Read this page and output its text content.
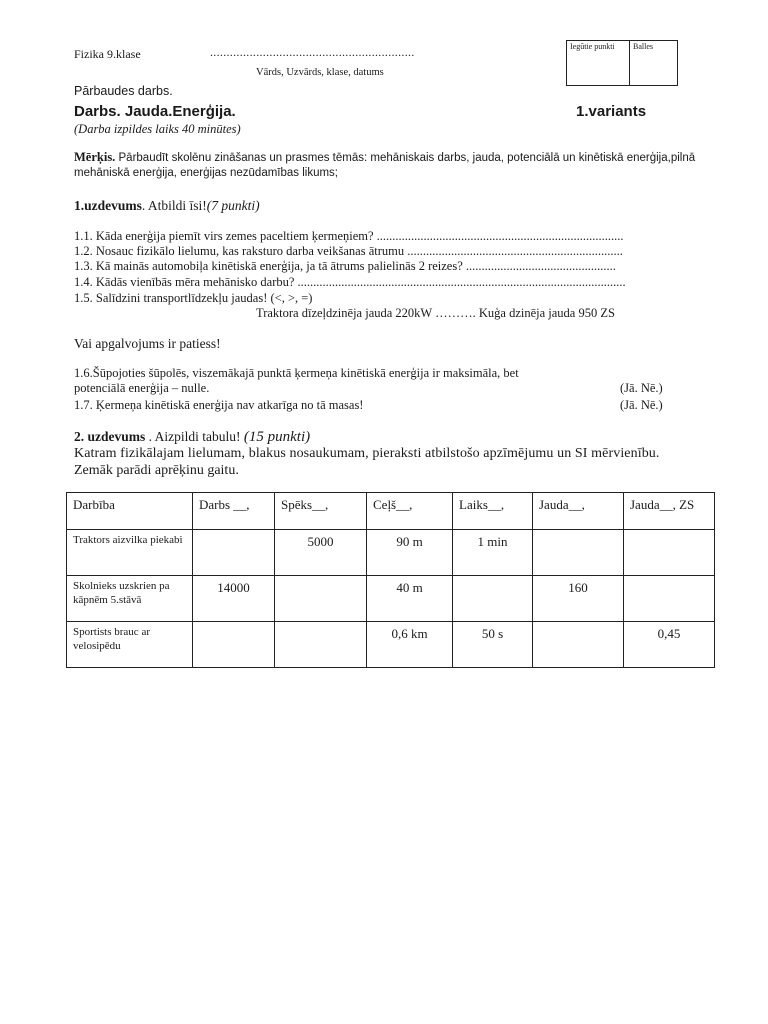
Fizika 9.klase	..............................................................
Vārds, Uzvārds, klase, datums
Iegūtie punkti	Balles
Pārbaudes darbs.
Darbs. Jauda.Enerģija.	1.variants
(Darba izpildes laiks 40 minūtes)
Mērķis. Pārbaudīt skolēnu zināšanas un prasmes tēmās: mehāniskais darbs, jauda, potenciālā un kinētiskā enerģija,pilnā
mehāniskā enerģija, enerģijas nezūdamības likums;
1.uzdevums. Atbildi īsi!(7 punkti)
1.1. Kāda enerģija piemīt virs zemes paceltiem ķermeņiem? ...............................................................................
1.2. Nosauc fizikālo lielumu, kas raksturo darba veikšanas ātrumu .....................................................................
1.3. Kā mainās automobiļa kinētiskā enerģija, ja tā ātrums palielinās 2 reizes? ................................................
1.4. Kādās vienībās mēra mehānisko darbu? .........................................................................................................
1.5. Salīdzini transportlīdzekļu jaudas! (<, >, =)
Traktora dīzeļdzinēja jauda 220kW ………. Kuģa dzinēja jauda 950 ZS
Vai apgalvojums ir patiess!
1.6.Šūpojoties šūpolēs, viszemākajā punktā ķermeņa kinētiskā enerģija ir maksimāla, bet
potenciālā enerģija – nulle.	(Jā. Nē.)
1.7. Ķermeņa kinētiskā enerģija nav atkarīga no tā masas!	(Jā. Nē.)
2. uzdevums . Aizpildi tabulu! (15 punkti)
Katram fizikālajam lielumam, blakus nosaukumam, pieraksti atbilstošo apzīmējumu un SI mērvienību.
Zemāk parādi aprēķinu gaitu.
Darbība	Darbs __,	Spēks__,	Ceļš__,	Laiks__,	Jauda__,	Jauda__, ZS
Traktors aizvilka piekabi		5000	90 m	1 min		
Skolnieks uzskrien pa kāpnēm 5.stāvā	14000		40 m		160	
Sportists brauc ar velosipēdu			0,6 km	50 s		0,45
